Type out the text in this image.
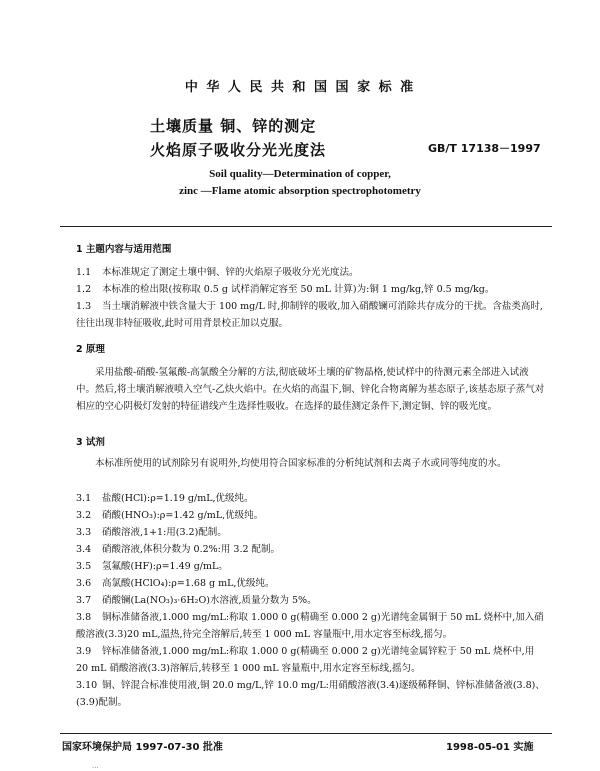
中 华 人 民 共 和 国 国 家 标 准
土壤质量 铜、锌的测定
火焰原子吸收分光光度法	GB/T 17138－1997
Soil quality—Determination of copper,
zinc —Flame atomic absorption spectrophotometry
1 主题内容与适用范围
1.1 本标准规定了测定土壤中铜、锌的火焰原子吸收分光光度法。
1.2 本标准的检出限(按称取 0.5 g 试样消解定容至 50 mL 计算)为:铜 1 mg/kg,锌 0.5 mg/kg。
1.3 当土壤消解液中铁含量大于 100 mg/L 时,抑制锌的吸收,加入硝酸镧可消除共存成分的干扰。含盐类高时,往往出现非特征吸收,此时可用背景校正加以克服。
2 原理
采用盐酸-硝酸-氢氟酸-高氯酸全分解的方法,彻底破坏土壤的矿物晶格,使试样中的待测元素全部进入试液中。然后,将土壤消解液喷入空气-乙炔火焰中。在火焰的高温下,铜、锌化合物离解为基态原子,该基态原子蒸气对相应的空心阴极灯发射的特征谱线产生选择性吸收。在选择的最佳测定条件下,测定铜、锌的吸光度。
3 试剂
本标准所使用的试剂除另有说明外,均使用符合国家标准的分析纯试剂和去离子水或同等纯度的水。
3.1 盐酸(HCl):ρ=1.19 g/mL,优级纯。
3.2 硝酸(HNO₃):ρ=1.42 g/mL,优级纯。
3.3 硝酸溶液,1+1:用(3.2)配制。
3.4 硝酸溶液,体积分数为 0.2%:用 3.2 配制。
3.5 氢氟酸(HF):ρ=1.49 g/mL。
3.6 高氯酸(HClO₄):ρ=1.68 g mL,优级纯。
3.7 硝酸镧(La(NO₃)₃·6H₂O)水溶液,质量分数为 5%。
3.8 铜标准储备液,1.000 mg/mL:称取 1.000 0 g(精确至 0.000 2 g)光谱纯金属铜于 50 mL 烧杯中,加入硝酸溶液(3.3)20 mL,温热,待完全溶解后,转至 1 000 mL 容量瓶中,用水定容至标线,摇匀。
3.9 锌标准储备液,1.000 mg/mL:称取 1.000 0 g(精确至 0.000 2 g)光谱纯金属锌粒于 50 mL 烧杯中,用 20 mL 硝酸溶液(3.3)溶解后,转移至 1 000 mL 容量瓶中,用水定容至标线,摇匀。
3.10 铜、锌混合标准使用液,铜 20.0 mg/L,锌 10.0 mg/L:用硝酸溶液(3.4)逐级稀释铜、锌标准储备液(3.8)、(3.9)配制。
国家环境保护局 1997-07-30 批准	1998-05-01 实施
...
